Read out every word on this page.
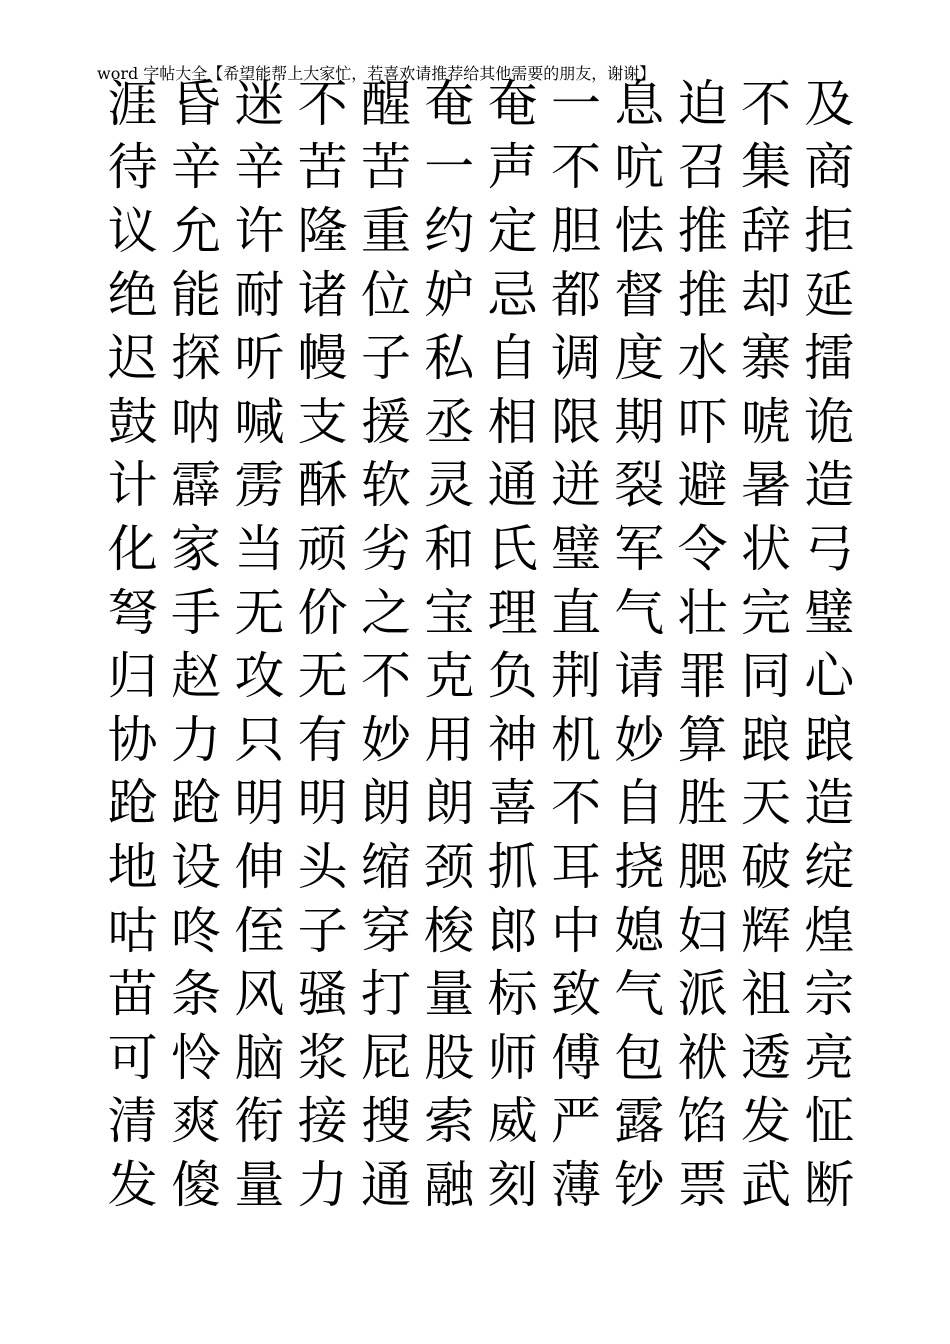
word 字帖大全【希望能帮上大家忙，若喜欢请推荐给其他需要的朋友，谢谢】
涯 昏 迷 不 醒 奄 奄 一 息 迫 不 及
待 辛 辛 苦 苦 一 声 不 吭 召 集 商
议 允 许 隆 重 约 定 胆 怯 推 辞 拒
绝 能 耐 诸 位 妒 忌 都 督 推 却 延
迟 探 听 幔 子 私 自 调 度 水 寨 擂
鼓 呐 喊 支 援 丞 相 限 期 吓 唬 诡
计 霹 雳 酥 软 灵 通 迸 裂 避 暑 造
化 家 当 顽 劣 和 氏 璧 军 令 状 弓
弩 手 无 价 之 宝 理 直 气 壮 完 璧
归 赵 攻 无 不 克 负 荆 请 罪 同 心
协 力 只 有 妙 用 神 机 妙 算 踉 踉
跄 跄 明 明 朗 朗 喜 不 自 胜 天 造
地 设 伸 头 缩 颈 抓 耳 挠 腮 破 绽
咕 咚 侄 子 穿 梭 郎 中 媳 妇 辉 煌
苗 条 风 骚 打 量 标 致 气 派 祖 宗
可 怜 脑 浆 屁 股 师 傅 包 袱 透 亮
清 爽 衔 接 搜 索 威 严 露 馅 发 怔
发 傻 量 力 通 融 刻 薄 钞 票 武 断
